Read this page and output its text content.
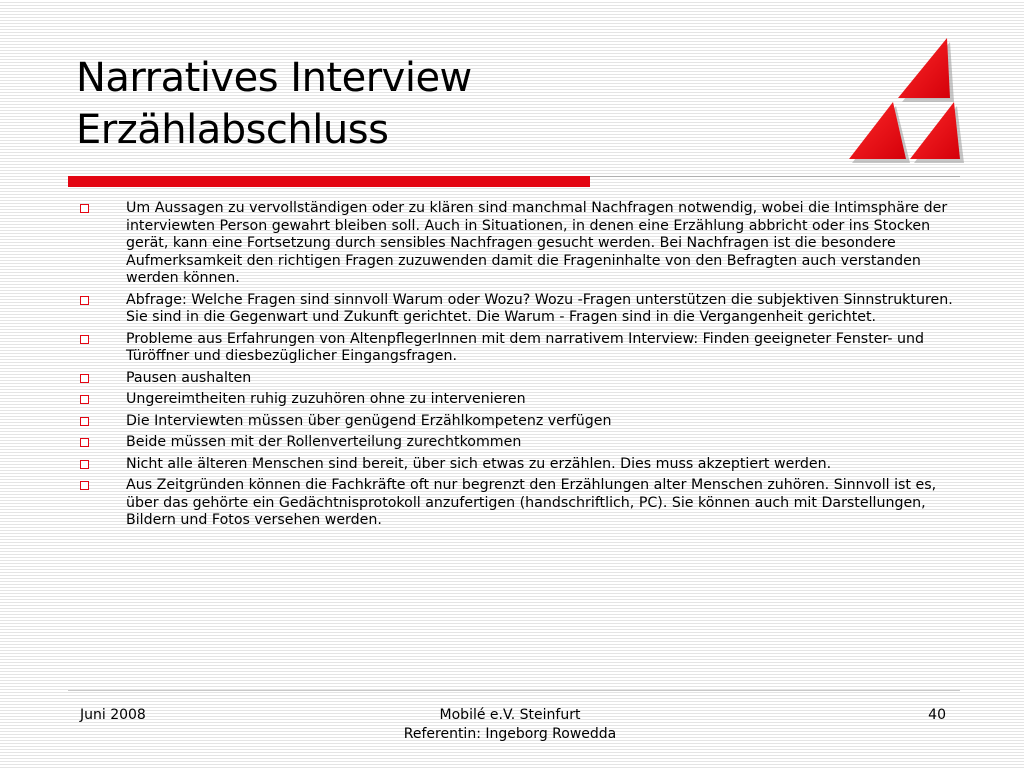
Narratives Interview
Erzählabschluss
Um Aussagen zu vervollständigen oder zu klären sind manchmal Nachfragen notwendig, wobei die Intimsphäre der interviewten Person gewahrt bleiben soll. Auch in Situationen, in denen eine Erzählung abbricht oder ins Stocken gerät, kann eine Fortsetzung durch sensibles Nachfragen gesucht werden. Bei Nachfragen ist die besondere Aufmerksamkeit den richtigen Fragen zuzuwenden damit die Frageninhalte von den Befragten auch verstanden werden können.
Abfrage: Welche Fragen sind sinnvoll Warum oder Wozu? Wozu -Fragen unterstützen die subjektiven Sinnstrukturen. Sie sind in die Gegenwart und Zukunft gerichtet. Die Warum - Fragen sind in die Vergangenheit gerichtet.
Probleme aus Erfahrungen von AltenpflegerInnen mit dem narrativem Interview: Finden geeigneter Fenster- und Türöffner und diesbezüglicher Eingangsfragen.
Pausen aushalten
Ungereimtheiten ruhig zuzuhören ohne zu intervenieren
Die Interviewten müssen über genügend Erzählkompetenz verfügen
Beide müssen mit der Rollenverteilung zurechtkommen
Nicht alle älteren Menschen sind bereit, über sich etwas zu erzählen. Dies muss akzeptiert werden.
Aus Zeitgründen können die Fachkräfte oft nur begrenzt den Erzählungen alter Menschen zuhören. Sinnvoll ist es, über das gehörte ein Gedächtnisprotokoll anzufertigen (handschriftlich, PC). Sie können auch mit Darstellungen, Bildern und Fotos versehen werden.
Juni 2008	Mobilé e.V. Steinfurt
Referentin: Ingeborg Rowedda
40
